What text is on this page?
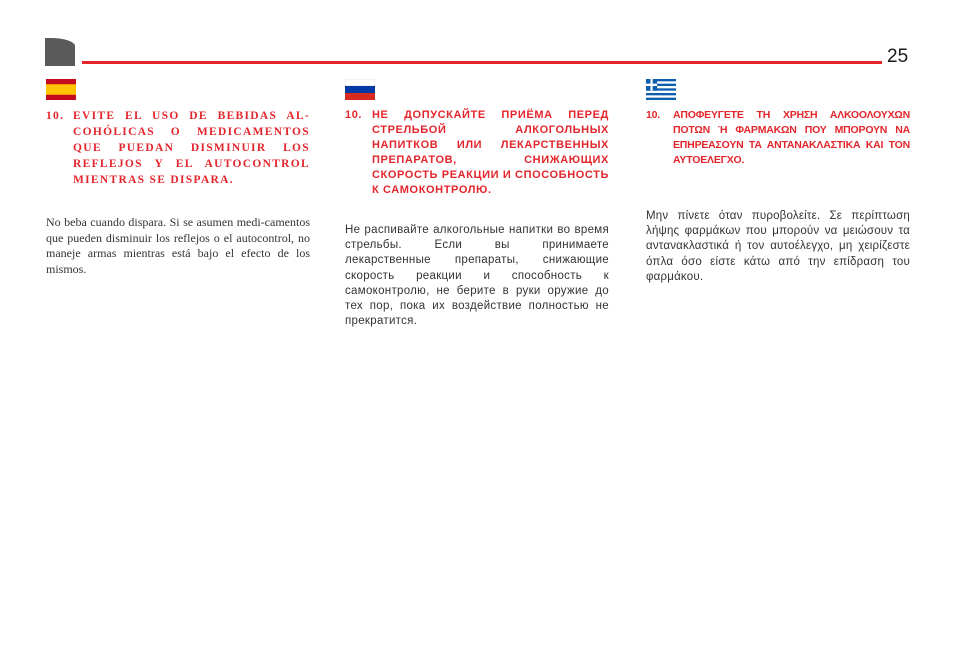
25
10. EVITE EL USO DE BEBIDAS AL-COHÓLICAS O MEDICAMENTOS QUE PUEDAN DISMINUIR LOS REFLEJOS Y EL AUTOCONTROL MIENTRAS SE DISPARA.
No beba cuando dispara. Si se asumen medi-camentos que pueden disminuir los reflejos o el autocontrol, no maneje armas mientras está bajo el efecto de los mismos.
10. НЕ ДОПУСКАЙТЕ ПРИЁМА ПЕРЕД СТРЕЛЬБОЙ АЛКОГОЛЬНЫХ НАПИТКОВ ИЛИ ЛЕКАРСТВЕННЫХ ПРЕПАРАТОВ, СНИЖАЮЩИХ СКОРОСТЬ РЕАКЦИИ И СПОСОБНОСТЬ К САМОКОНТРОЛЮ.
Не распивайте алкогольные напитки во время стрельбы. Если вы принимаете лекарственные препараты, снижающие скорость реакции и способность к самоконтролю, не берите в руки оружие до тех пор, пока их воздействие полностью не прекратится.
10. ΑΠΟΦΕΥΓΕΤΕ ΤΗ ΧΡΗΣΗ ΑΛΚΟΟΛΟΥΧΩΝ ΠΟΤΩΝ Ή ΦΑΡΜΑΚΩΝ ΠΟΥ ΜΠΟΡΟΥΝ ΝΑ ΕΠΗΡΕΑΣΟΥΝ ΤΑ ΑΝΤΑΝΑΚΛΑΣΤΙΚΑ ΚΑΙ ΤΟΝ ΑΥΤΟΕΛΕΓΧΟ.
Μην πίνετε όταν πυροβολείτε. Σε περίπτωση λήψης φαρμάκων που μπορούν να μειώσουν τα αντανακλαστικά ή τον αυτοέλεγχο, μη χειρίζεστε όπλα όσο είστε κάτω από την επίδραση του φαρμάκου.
